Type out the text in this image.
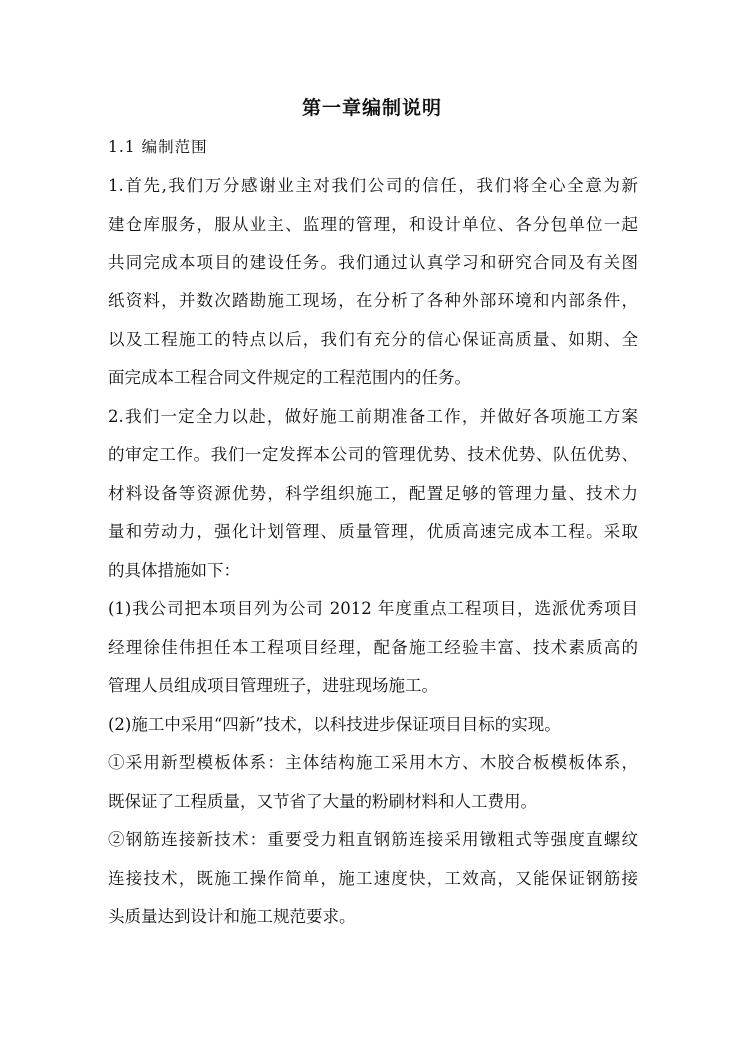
第一章编制说明
1.1 编制范围
1.首先,我们万分感谢业主对我们公司的信任，我们将全心全意为新
建仓库服务，服从业主、监理的管理，和设计单位、各分包单位一起
共同完成本项目的建设任务。我们通过认真学习和研究合同及有关图
纸资料，并数次踏勘施工现场，在分析了各种外部环境和内部条件，
以及工程施工的特点以后，我们有充分的信心保证高质量、如期、全
面完成本工程合同文件规定的工程范围内的任务。
2.我们一定全力以赴，做好施工前期准备工作，并做好各项施工方案
的审定工作。我们一定发挥本公司的管理优势、技术优势、队伍优势、
材料设备等资源优势，科学组织施工，配置足够的管理力量、技术力
量和劳动力，强化计划管理、质量管理，优质高速完成本工程。采取
的具体措施如下：
(1)我公司把本项目列为公司 2012 年度重点工程项目，选派优秀项目
经理徐佳伟担任本工程项目经理，配备施工经验丰富、技术素质高的
管理人员组成项目管理班子，进驻现场施工。
(2)施工中采用“四新”技术，以科技进步保证项目目标的实现。
①采用新型模板体系：主体结构施工采用木方、木胶合板模板体系，
既保证了工程质量，又节省了大量的粉刷材料和人工费用。
②钢筋连接新技术：重要受力粗直钢筋连接采用镦粗式等强度直螺纹
连接技术，既施工操作简单，施工速度快，工效高，又能保证钢筋接
头质量达到设计和施工规范要求。
